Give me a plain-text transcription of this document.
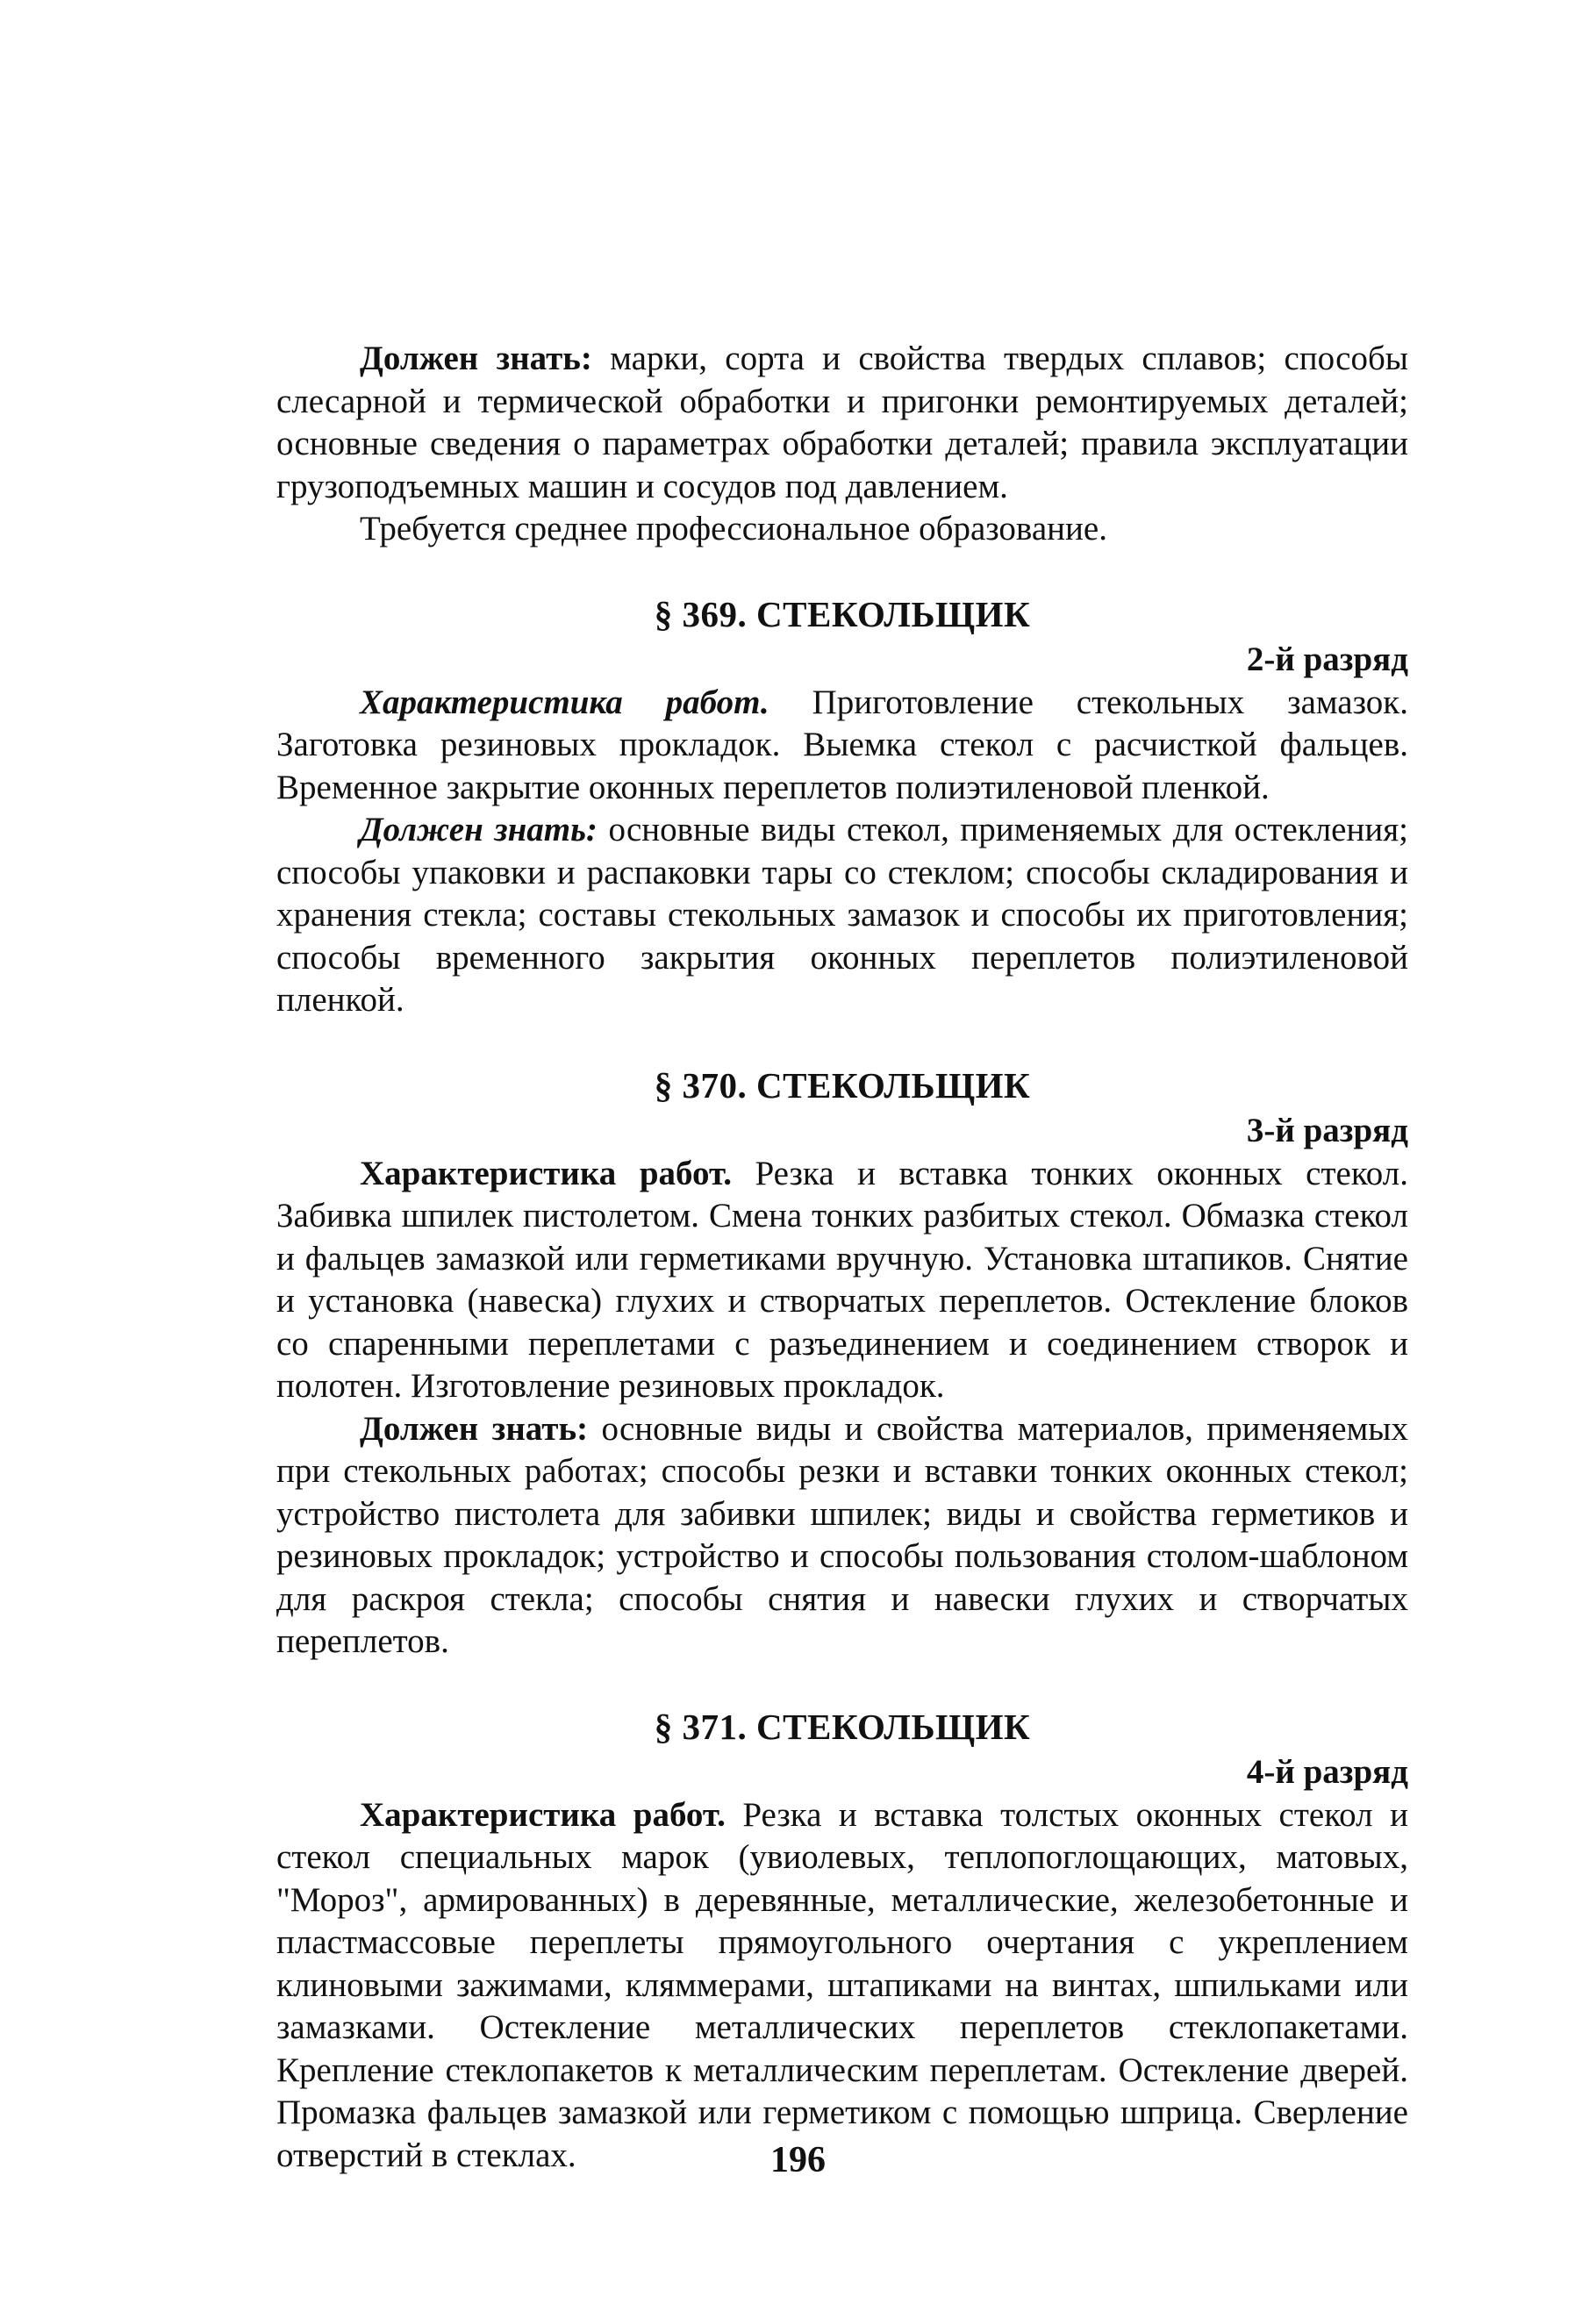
Должен знать: марки, сорта и свойства твердых сплавов; способы слесарной и термической обработки и пригонки ремонтируемых деталей; основные сведения о параметрах обработки деталей; правила эксплуатации грузоподъемных машин и сосудов под давлением.

Требуется среднее профессиональное образование.

§ 369. СТЕКОЛЬЩИК
2-й разряд

Характеристика работ. Приготовление стекольных замазок. Заготовка резиновых прокладок. Выемка стекол с расчисткой фальцев. Временное закрытие оконных переплетов полиэтиленовой пленкой.

Должен знать: основные виды стекол, применяемых для остекления; способы упаковки и распаковки тары со стеклом; способы складирования и хранения стекла; составы стекольных замазок и способы их приготовления; способы временного закрытия оконных переплетов полиэтиленовой пленкой.

§ 370. СТЕКОЛЬЩИК
3-й разряд

Характеристика работ. Резка и вставка тонких оконных стекол. Забивка шпилек пистолетом. Смена тонких разбитых стекол. Обмазка стекол и фальцев замазкой или герметиками вручную. Установка штапиков. Снятие и установка (навеска) глухих и створчатых переплетов. Остекление блоков со спаренными переплетами с разъединением и соединением створок и полотен. Изготовление резиновых прокладок.

Должен знать: основные виды и свойства материалов, применяемых при стекольных работах; способы резки и вставки тонких оконных стекол; устройство пистолета для забивки шпилек; виды и свойства герметиков и резиновых прокладок; устройство и способы пользования столом-шаблоном для раскроя стекла; способы снятия и навески глухих и створчатых переплетов.

§ 371. СТЕКОЛЬЩИК
4-й разряд

Характеристика работ. Резка и вставка толстых оконных стекол и стекол специальных марок (увиолевых, теплопоглощающих, матовых, "Мороз", армированных) в деревянные, металлические, железобетонные и пластмассовые переплеты прямоугольного очертания с укреплением клиновыми зажимами, кляммерами, штапиками на винтах, шпильками или замазками. Остекление металлических переплетов стеклопакетами. Крепление стеклопакетов к металлическим переплетам. Остекление дверей. Промазка фальцев замазкой или герметиком с помощью шприца. Сверление отверстий в стеклах.	196
